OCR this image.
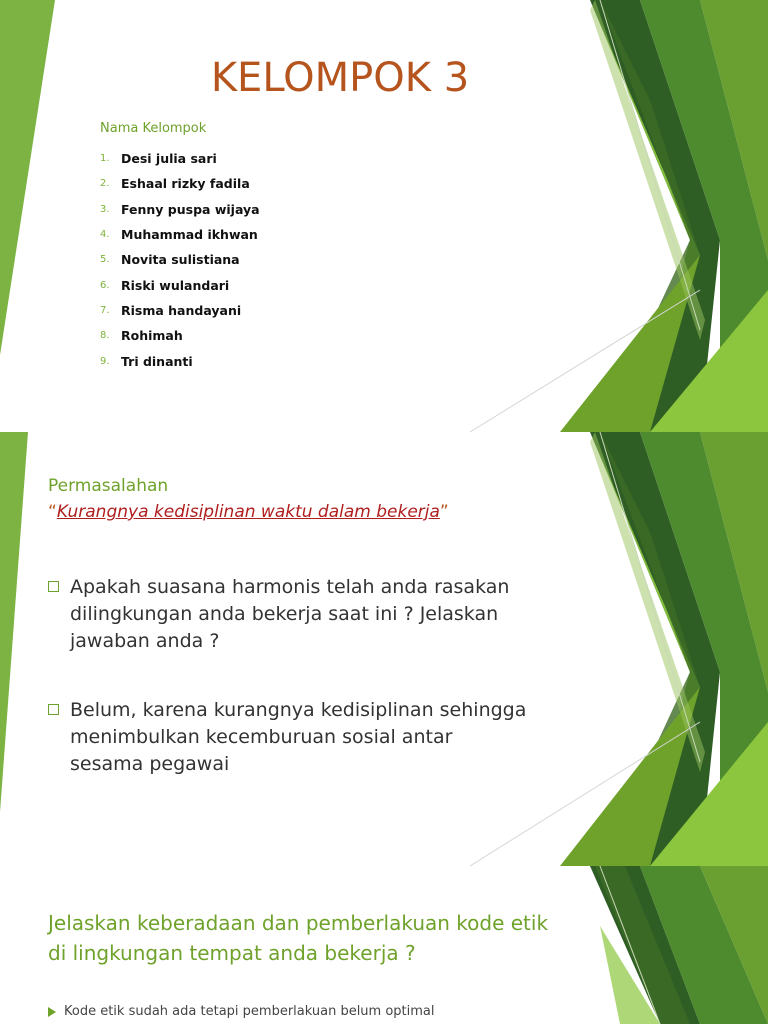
KELOMPOK 3
Nama Kelompok
1. Desi julia sari
2. Eshaal rizky fadila
3. Fenny puspa wijaya
4. Muhammad ikhwan
5. Novita sulistiana
6. Riski wulandari
7. Risma handayani
8. Rohimah
9. Tri dinanti
Permasalahan
“Kurangnya kedisiplinan waktu dalam bekerja”
Apakah suasana harmonis telah anda rasakan dilingkungan anda bekerja saat ini ? Jelaskan jawaban anda ?
Belum, karena kurangnya kedisiplinan sehingga menimbulkan kecemburuan sosial antar sesama pegawai
Jelaskan keberadaan dan pemberlakuan kode etik di lingkungan tempat anda bekerja ?
Kode etik sudah ada tetapi pemberlakuan belum optimal
